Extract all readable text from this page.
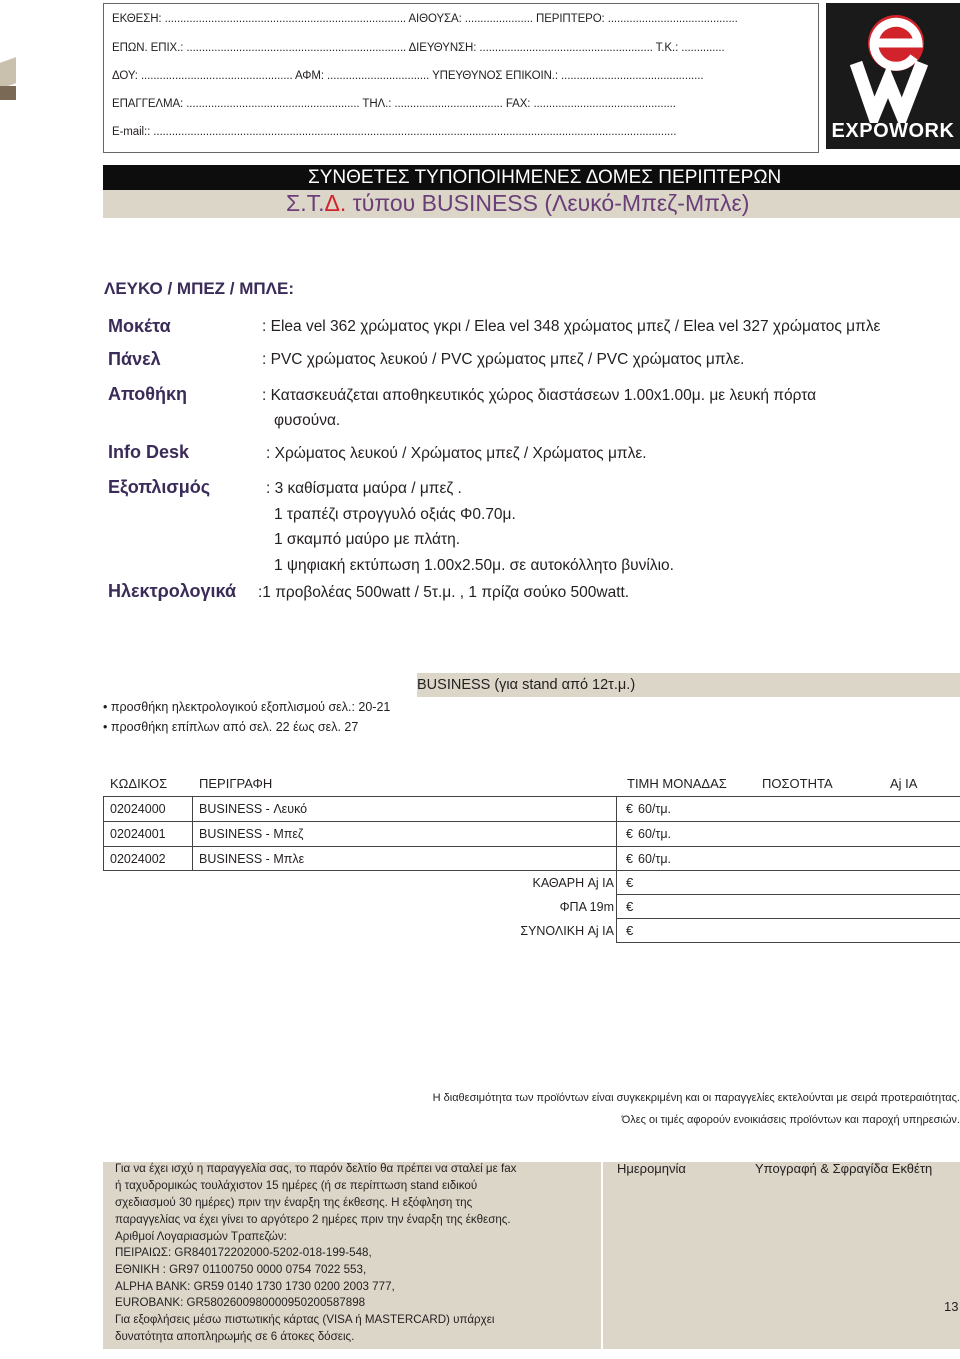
ΕΚΘΕΣΗ: .............................................................................. ΑΙΘΟΥΣΑ: ...................... ΠΕΡΙΠΤΕΡΟ: ..........................................
ΕΠΩΝ. ΕΠΙΧ.: ....................................................................... ΔΙΕΥΘΥΝΣΗ: ........................................................ Τ.Κ.: ..............
ΔΟΥ: ................................................. ΑΦΜ: ................................. ΥΠΕΥΘΥΝΟΣ ΕΠΙΚΟΙΝ.: ..............................................
ΕΠΑΓΓΕΛΜΑ: ........................................................ ΤΗΛ.: ................................... FAX: ..............................................
E-mail:: .........................................................................................................................................................................	EXPOWORK
ΣΥΝΘΕΤΕΣ ΤΥΠΟΠΟΙΗΜΕΝΕΣ ΔΟΜΕΣ ΠΕΡΙΠΤΕΡΩΝ
Σ.Τ.Δ. τύπου BUSINESS (Λευκό-Μπεζ-Μπλε)
ΛΕΥΚΟ / ΜΠΕΖ / ΜΠΛΕ:
Μοκέτα	: Elea vel 362 χρώματος γκρι / Elea vel 348 χρώματος μπεζ / Elea vel 327 χρώματος μπλε
Πάνελ	: PVC χρώματος λευκού / PVC χρώματος μπεζ / PVC χρώματος μπλε.
Αποθήκη	: Κατασκευάζεται αποθηκευτικός χώρος διαστάσεων 1.00x1.00μ. με λευκή πόρτα
φυσούνα.
Info Desk	: Χρώματος λευκού / Χρώματος μπεζ / Χρώματος μπλε.
Εξοπλισμός	: 3 καθίσματα μαύρα / μπεζ .
1 τραπέζι στρογγυλό οξιάς Φ0.70μ.
1 σκαμπό μαύρο με πλάτη.
1 ψηφιακή εκτύπωση 1.00x2.50μ. σε αυτοκόλλητο βυνίλιο.
Ηλεκτρολογικά :1 προβολέας 500watt / 5τ.μ. , 1 πρίζα σούκο 500watt.
BUSINESS (για stand από 12τ.μ.)
• προσθήκη ηλεκτρολογικού εξοπλισμού σελ.: 20-21
• προσθήκη επίπλων από σελ. 22 έως σελ. 27
ΚΩΔΙΚΟΣ ΠΕΡΙΓΡΑΦΗ	ΤΙΜΗ ΜΟΝΑΔΑΣ	ΠΟΣΟΤΗΤΑ	Aj IA
02024000	BUSINESS - Λευκό	€ 60/τμ.
02024001	BUSINESS - Μπεζ	€ 60/τμ.
02024002	BUSINESS - Μπλε	€ 60/τμ.
ΚΑΘΑΡΗ Aj IA €
ΦΠΑ 19m €
ΣΥΝΟΛΙΚΗ Aj IA €
Η διαθεσιμότητα των προϊόντων είναι συγκεκριμένη και οι παραγγελίες εκτελούνται με σειρά προτεραιότητας.
Όλες οι τιμές αφορούν ενοικιάσεις προϊόντων και παροχή υπηρεσιών.
Για να έχει ισχύ η παραγγελία σας, το παρόν δελτίο θα πρέπει να σταλεί με fax
ή ταχυδρομικώς τουλάχιστον 15 ημέρες (ή σε περίπτωση stand ειδικού
σχεδιασμού 30 ημέρες) πριν την έναρξη της έκθεσης. Η εξόφληση της
παραγγελίας να έχει γίνει το αργότερο 2 ημέρες πριν την έναρξη της έκθεσης.
Αριθμοί Λογαριασμών Τραπεζών:
ΠΕΙΡΑΙΩΣ: GR840172202000-5202-018-199-548,
ΕΘΝΙΚΗ : GR97 01100750 0000 0754 7022 553,
ALPHA BANK: GR59 0140 1730 1730 0200 2003 777,
EUROBANK: GR5802600980000950200587898
Για εξοφλήσεις μέσω πιστωτικής κάρτας (VISA ή MASTERCARD) υπάρχει
δυνατότητα αποπληρωμής σε 6 άτοκες δόσεις.
Ημερομηνία	Υπογραφή & Σφραγίδα Εκθέτη
13
